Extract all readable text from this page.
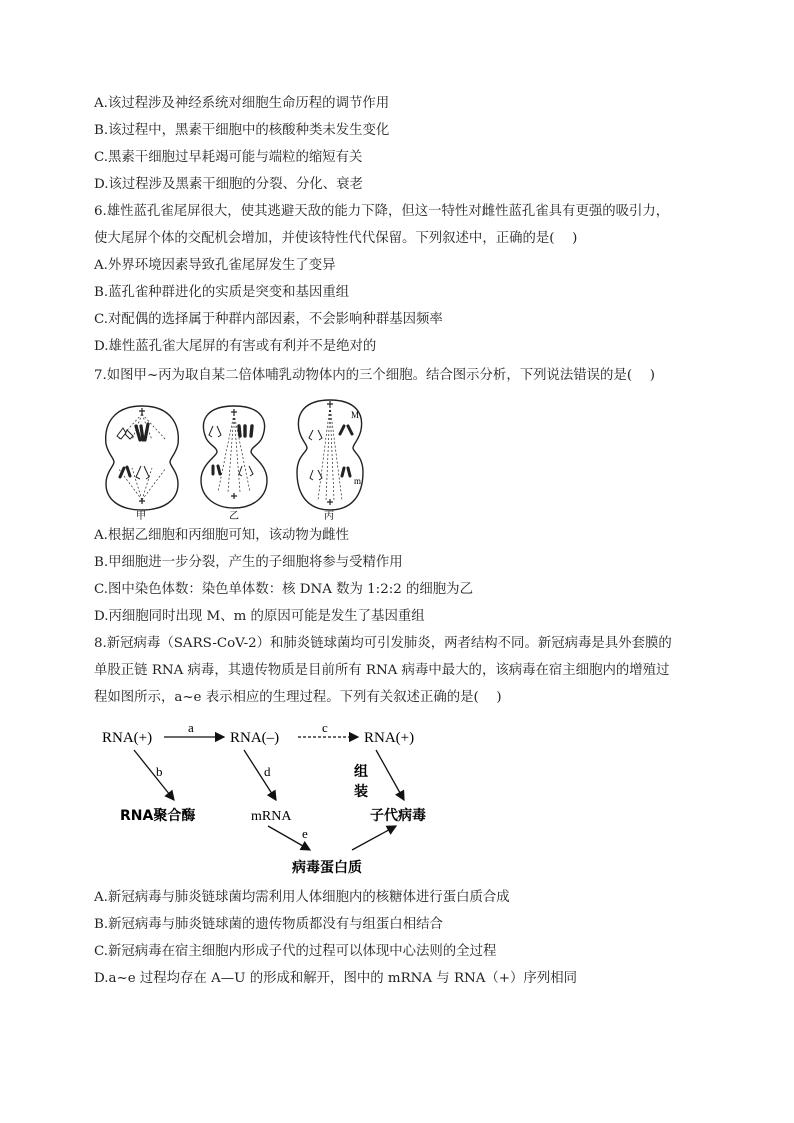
A.该过程涉及神经系统对细胞生命历程的调节作用
B.该过程中，黑素干细胞中的核酸种类未发生变化
C.黑素干细胞过早耗竭可能与端粒的缩短有关
D.该过程涉及黑素干细胞的分裂、分化、衰老
6.雄性蓝孔雀尾屏很大，使其逃避天敌的能力下降，但这一特性对雌性蓝孔雀具有更强的吸引力，
使大尾屏个体的交配机会增加，并使该特性代代保留。下列叙述中，正确的是(　 )
A.外界环境因素导致孔雀尾屏发生了变异
B.蓝孔雀种群进化的实质是突变和基因重组
C.对配偶的选择属于种群内部因素，不会影响种群基因频率
D.雄性蓝孔雀大尾屏的有害或有利并不是绝对的
7.如图甲~丙为取自某二倍体哺乳动物体内的三个细胞。结合图示分析，下列说法错误的是(　 )
M
m
甲	乙	丙
A.根据乙细胞和丙细胞可知，该动物为雌性
B.甲细胞进一步分裂，产生的子细胞将参与受精作用
C.图中染色体数：染色单体数：核 DNA 数为 1:2:2 的细胞为乙
D.丙细胞同时出现 M、m 的原因可能是发生了基因重组
8.新冠病毒（SARS-CoV-2）和肺炎链球菌均可引发肺炎，两者结构不同。新冠病毒是具外套膜的
单股正链 RNA 病毒，其遗传物质是目前所有 RNA 病毒中最大的，该病毒在宿主细胞内的增殖过
程如图所示，a~e 表示相应的生理过程。下列有关叙述正确的是(　 )
RNA(+)	RNA(–)	RNA(+)
RNA聚合酶	mRNA	子代病毒
病毒蛋白质
a	c
b	d
e
组
装
A.新冠病毒与肺炎链球菌均需利用人体细胞内的核糖体进行蛋白质合成
B.新冠病毒与肺炎链球菌的遗传物质都没有与组蛋白相结合
C.新冠病毒在宿主细胞内形成子代的过程可以体现中心法则的全过程
D.a~e 过程均存在 A—U 的形成和解开，图中的 mRNA 与 RNA（+）序列相同
